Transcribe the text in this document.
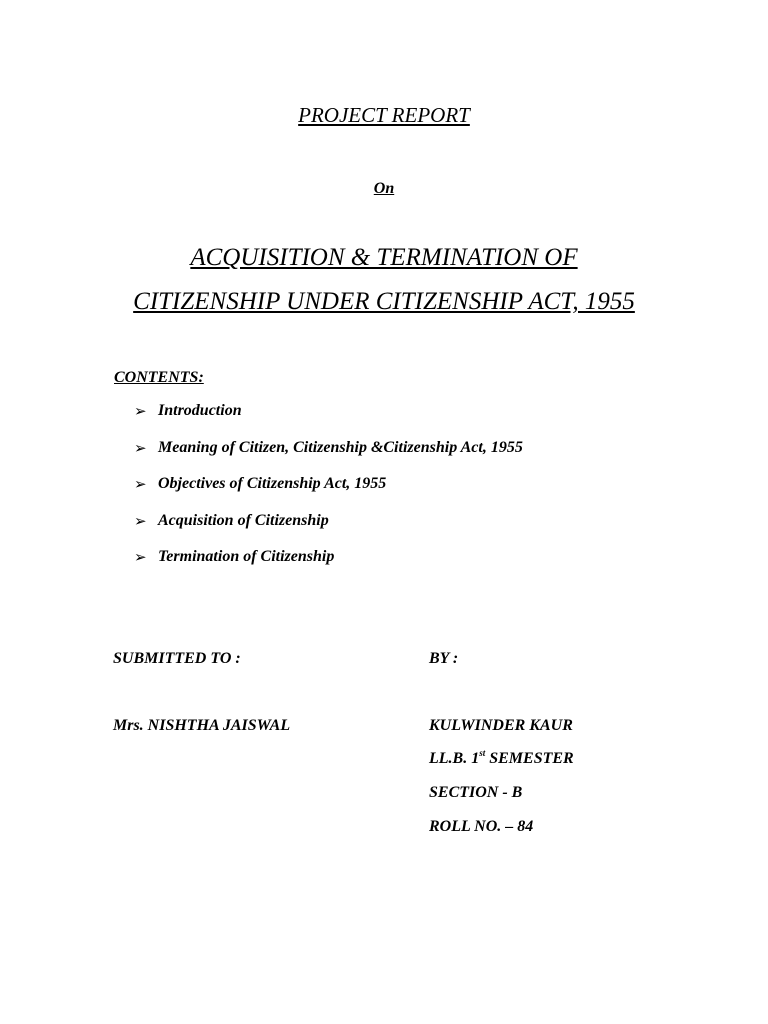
PROJECT REPORT
On
ACQUISITION & TERMINATION OF
CITIZENSHIP UNDER CITIZENSHIP ACT, 1955
CONTENTS:
➢ Introduction
➢ Meaning of Citizen, Citizenship &Citizenship Act, 1955
➢ Objectives of Citizenship Act, 1955
➢ Acquisition of Citizenship
➢ Termination of Citizenship
SUBMITTED TO :	BY :
Mrs. NISHTHA JAISWAL	KULWINDER KAUR
LL.B. 1st SEMESTER
SECTION - B
ROLL NO. – 84
